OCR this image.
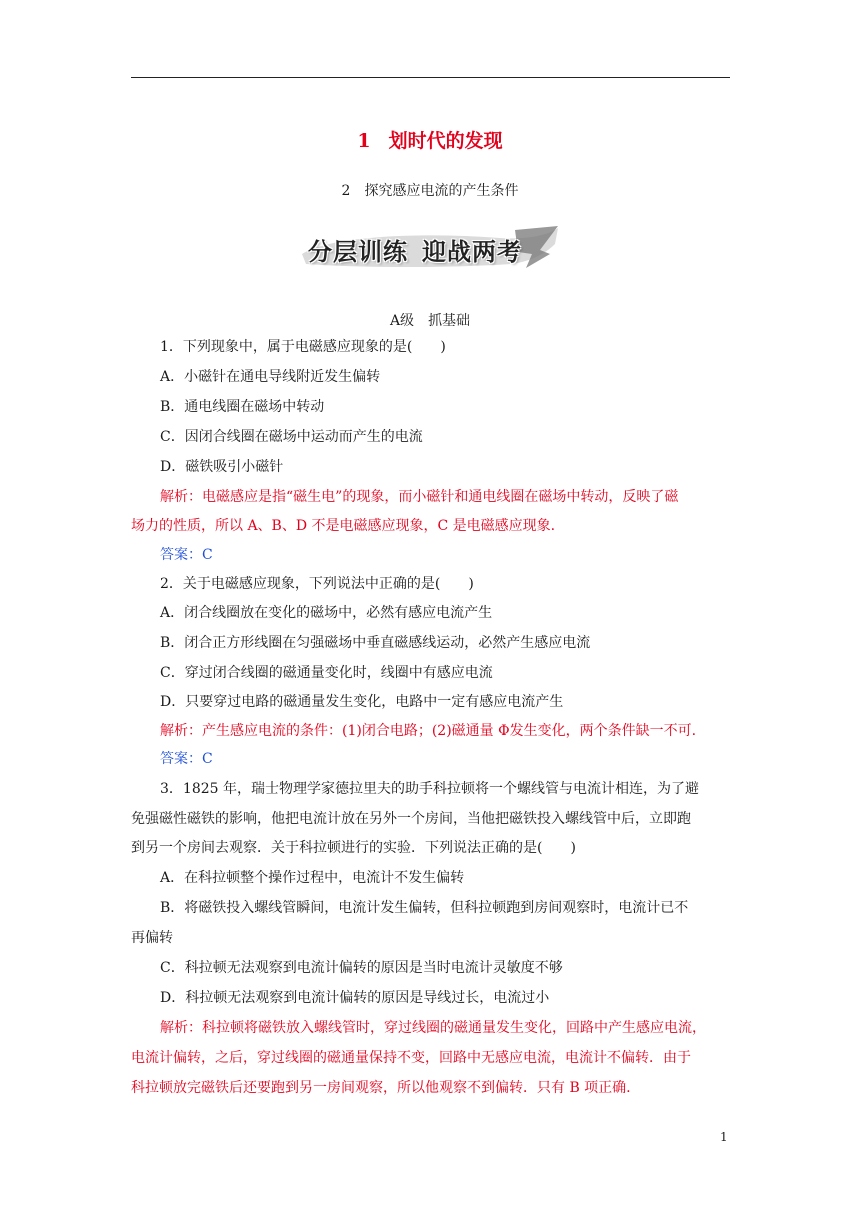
1 划时代的发现
2 探究感应电流的产生条件
分层训练 迎战两考
A级 抓基础
1．下列现象中，属于电磁感应现象的是(　　)
A．小磁针在通电导线附近发生偏转
B．通电线圈在磁场中转动
C．因闭合线圈在磁场中运动而产生的电流
D．磁铁吸引小磁针
解析：电磁感应是指“磁生电”的现象，而小磁针和通电线圈在磁场中转动，反映了磁
场力的性质，所以 A、B、D 不是电磁感应现象，C 是电磁感应现象.
答案：C
2．关于电磁感应现象，下列说法中正确的是(　　)
A．闭合线圈放在变化的磁场中，必然有感应电流产生
B．闭合正方形线圈在匀强磁场中垂直磁感线运动，必然产生感应电流
C．穿过闭合线圈的磁通量变化时，线圈中有感应电流
D．只要穿过电路的磁通量发生变化，电路中一定有感应电流产生
解析：产生感应电流的条件：(1)闭合电路；(2)磁通量 Φ发生变化，两个条件缺一不可.
答案：C
3．1825 年，瑞士物理学家德拉里夫的助手科拉顿将一个螺线管与电流计相连，为了避
免强磁性磁铁的影响，他把电流计放在另外一个房间，当他把磁铁投入螺线管中后，立即跑
到另一个房间去观察．关于科拉顿进行的实验．下列说法正确的是(　　)
A．在科拉顿整个操作过程中，电流计不发生偏转
B．将磁铁投入螺线管瞬间，电流计发生偏转，但科拉顿跑到房间观察时，电流计已不
再偏转
C．科拉顿无法观察到电流计偏转的原因是当时电流计灵敏度不够
D．科拉顿无法观察到电流计偏转的原因是导线过长，电流过小
解析：科拉顿将磁铁放入螺线管时，穿过线圈的磁通量发生变化，回路中产生感应电流，
电流计偏转，之后，穿过线圈的磁通量保持不变，回路中无感应电流，电流计不偏转．由于
科拉顿放完磁铁后还要跑到另一房间观察，所以他观察不到偏转．只有 B 项正确.
1
